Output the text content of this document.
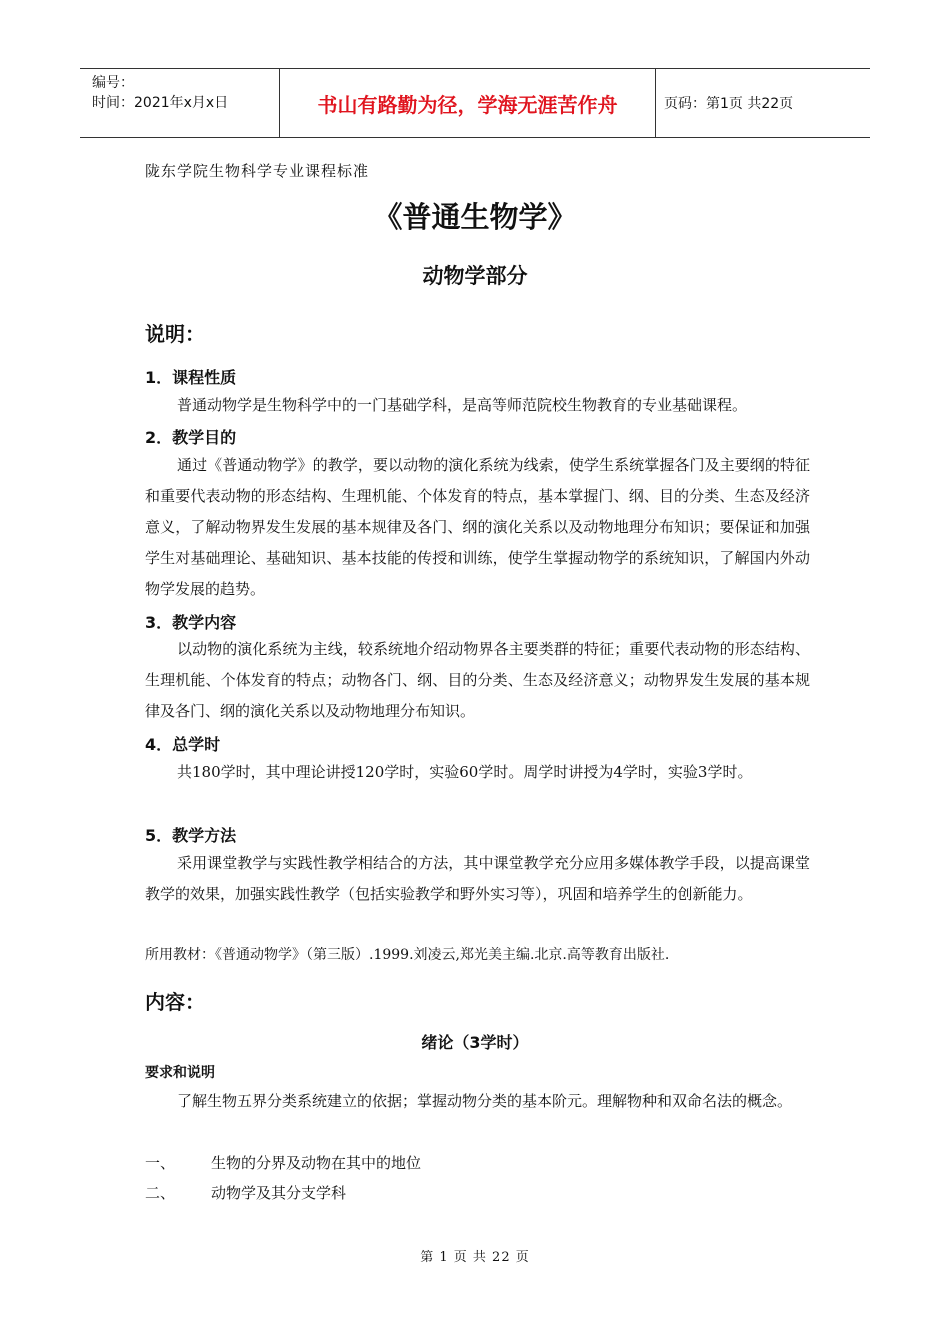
编号：
时间：2021年x月x日	书山有路勤为径，学海无涯苦作舟	页码：第1页 共22页
陇东学院生物科学专业课程标准
《普通生物学》
动物学部分
说明：
1．课程性质

普通动物学是生物科学中的一门基础学科，是高等师范院校生物教育的专业基础课程。

2．教学目的

通过《普通动物学》的教学，要以动物的演化系统为线索，使学生系统掌握各门及主要纲的特征和重要代表动物的形态结构、生理机能、个体发育的特点，基本掌握门、纲、目的分类、生态及经济意义，了解动物界发生发展的基本规律及各门、纲的演化关系以及动物地理分布知识；要保证和加强学生对基础理论、基础知识、基本技能的传授和训练，使学生掌握动物学的系统知识，了解国内外动物学发展的趋势。

3．教学内容

以动物的演化系统为主线，较系统地介绍动物界各主要类群的特征；重要代表动物的形态结构、生理机能、个体发育的特点；动物各门、纲、目的分类、生态及经济意义；动物界发生发展的基本规律及各门、纲的演化关系以及动物地理分布知识。

4．总学时

共180学时，其中理论讲授120学时，实验60学时。周学时讲授为4学时，实验3学时。

5．教学方法

采用课堂教学与实践性教学相结合的方法，其中课堂教学充分应用多媒体教学手段，以提高课堂教学的效果，加强实践性教学（包括实验教学和野外实习等），巩固和培养学生的创新能力。

所用教材：《普通动物学》（第三版）.1999.刘凌云,郑光美主编.北京.高等教育出版社.

内容：
绪论（3学时）
要求和说明

了解生物五界分类系统建立的依据；掌握动物分类的基本阶元。理解物种和双命名法的概念。

一、	生物的分界及动物在其中的地位
二、	动物学及其分支学科
第 1 页 共 22 页
